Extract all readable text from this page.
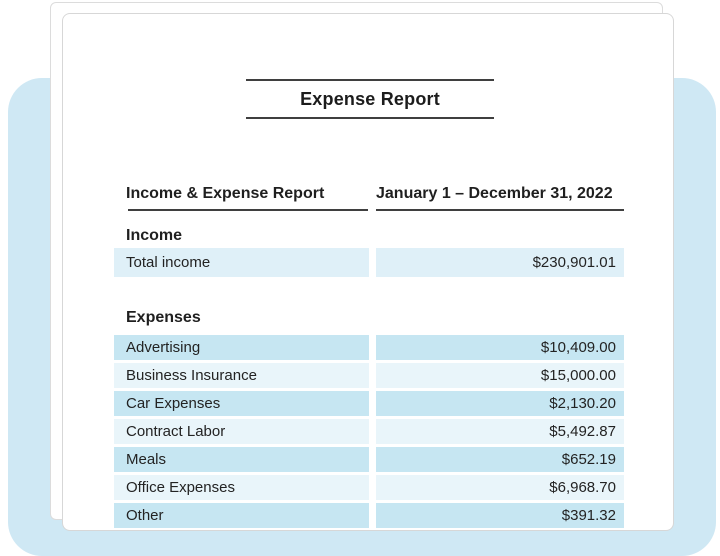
Expense Report
Income & Expense Report	January 1 – December 31, 2022
Income
Total income	$230,901.01
Expenses
Advertising	$10,409.00
Business Insurance	$15,000.00
Car Expenses	$2,130.20
Contract Labor	$5,492.87
Meals	$652.19
Office Expenses	$6,968.70
Other	$391.32
